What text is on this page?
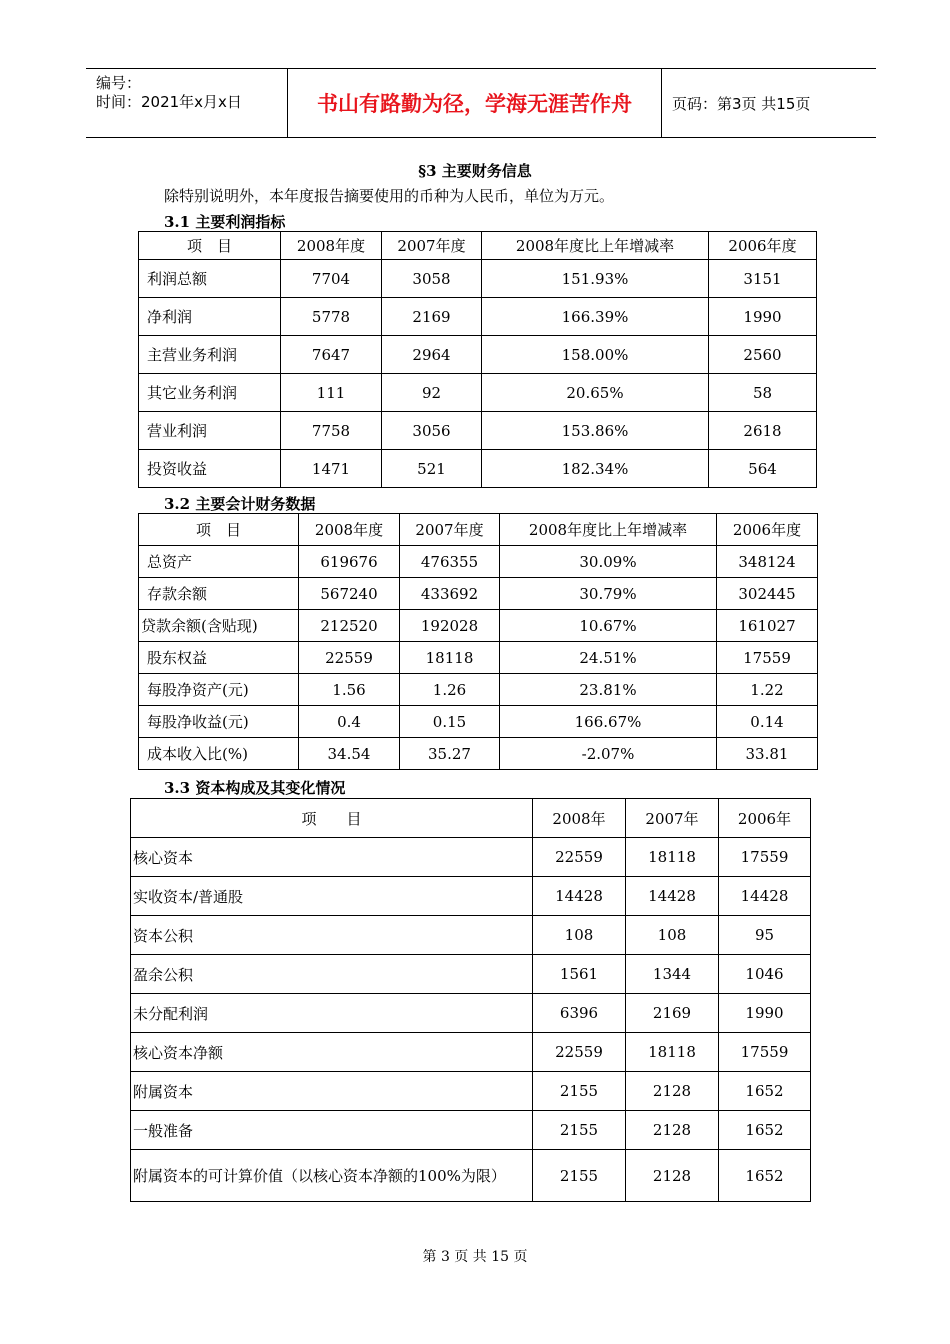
编号：
时间：2021年x月x日	书山有路勤为径，学海无涯苦作舟	页码：第3页 共15页
§3 主要财务信息
除特别说明外，本年度报告摘要使用的币种为人民币，单位为万元。
3.1 主要利润指标
项　目	2008年度	2007年度	2008年度比上年增减率	2006年度
利润总额	7704	3058	151.93%	3151
净利润	5778	2169	166.39%	1990
主营业务利润	7647	2964	158.00%	2560
其它业务利润	111	92	20.65%	58
营业利润	7758	3056	153.86%	2618
投资收益	1471	521	182.34%	564
3.2 主要会计财务数据
项　目	2008年度	2007年度	2008年度比上年增减率	2006年度
总资产	619676	476355	30.09%	348124
存款余额	567240	433692	30.79%	302445
贷款余额(含贴现)	212520	192028	10.67%	161027
股东权益	22559	18118	24.51%	17559
每股净资产(元)	1.56	1.26	23.81%	1.22
每股净收益(元)	0.4	0.15	166.67%	0.14
成本收入比(%)	34.54	35.27	-2.07%	33.81
3.3 资本构成及其变化情况
项　　目	2008年	2007年	2006年
核心资本	22559	18118	17559
实收资本/普通股	14428	14428	14428
资本公积	108	108	95
盈余公积	1561	1344	1046
未分配利润	6396	2169	1990
核心资本净额	22559	18118	17559
附属资本	2155	2128	1652
一般准备	2155	2128	1652
附属资本的可计算价值（以核心资本净额的100%为限）	2155	2128	1652
第 3 页 共 15 页
